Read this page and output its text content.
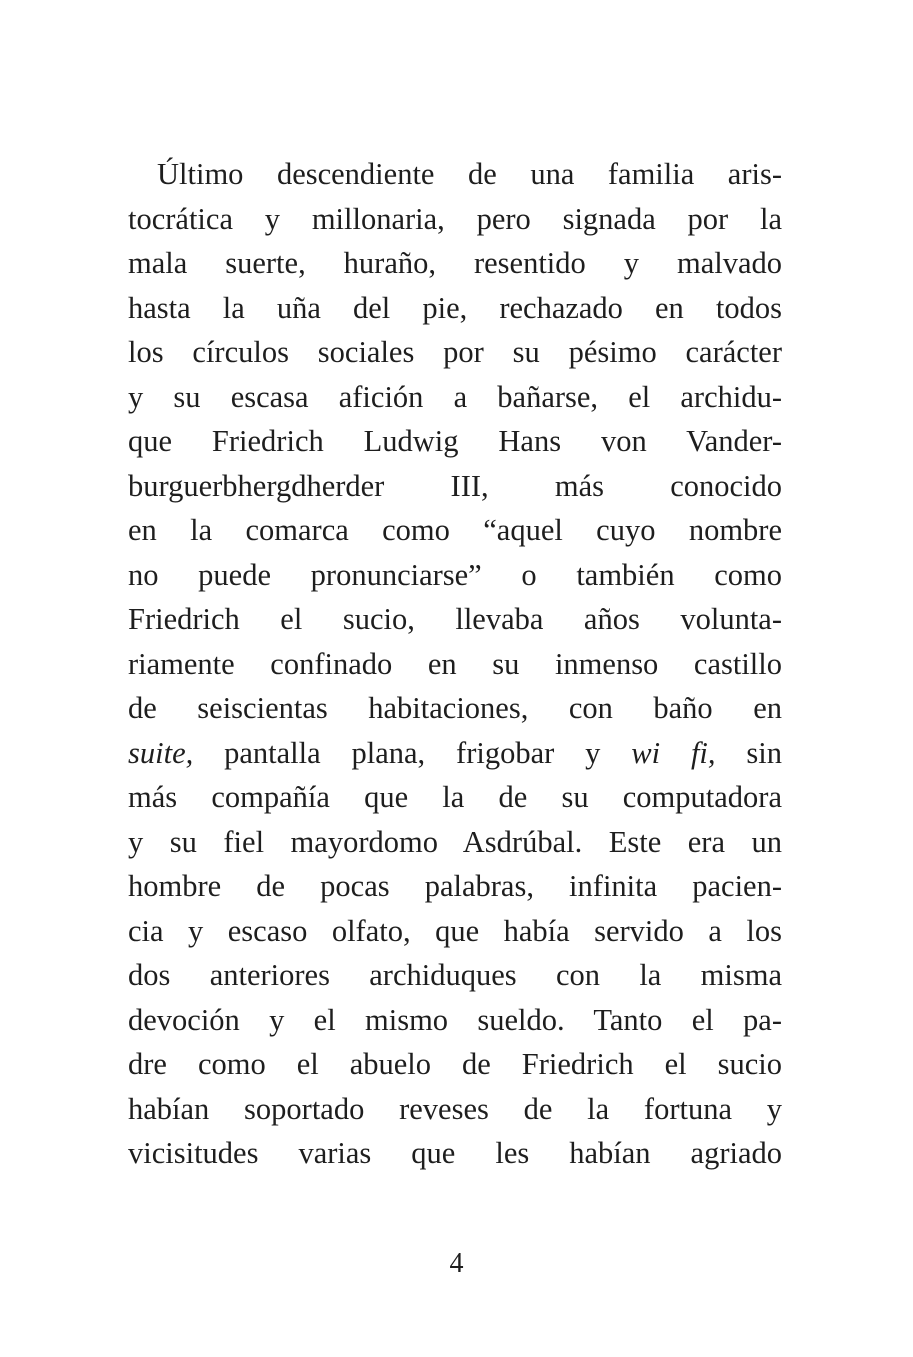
Último descendiente de una familia aris-
tocrática y millonaria, pero signada por la
mala suerte, huraño, resentido y malvado
hasta la uña del pie, rechazado en todos
los círculos sociales por su pésimo carácter
y su escasa afición a bañarse, el archidu-
que Friedrich Ludwig Hans von Vander-
burguerbhergdherder III, más conocido
en la comarca como “aquel cuyo nombre
no puede pronunciarse” o también como
Friedrich el sucio, llevaba años volunta-
riamente confinado en su inmenso castillo
de seiscientas habitaciones, con baño en
suite, pantalla plana, frigobar y wi fi, sin
más compañía que la de su computadora
y su fiel mayordomo Asdrúbal. Este era un
hombre de pocas palabras, infinita pacien-
cia y escaso olfato, que había servido a los
dos anteriores archiduques con la misma
devoción y el mismo sueldo. Tanto el pa-
dre como el abuelo de Friedrich el sucio
habían soportado reveses de la fortuna y
vicisitudes varias que les habían agriado
4
